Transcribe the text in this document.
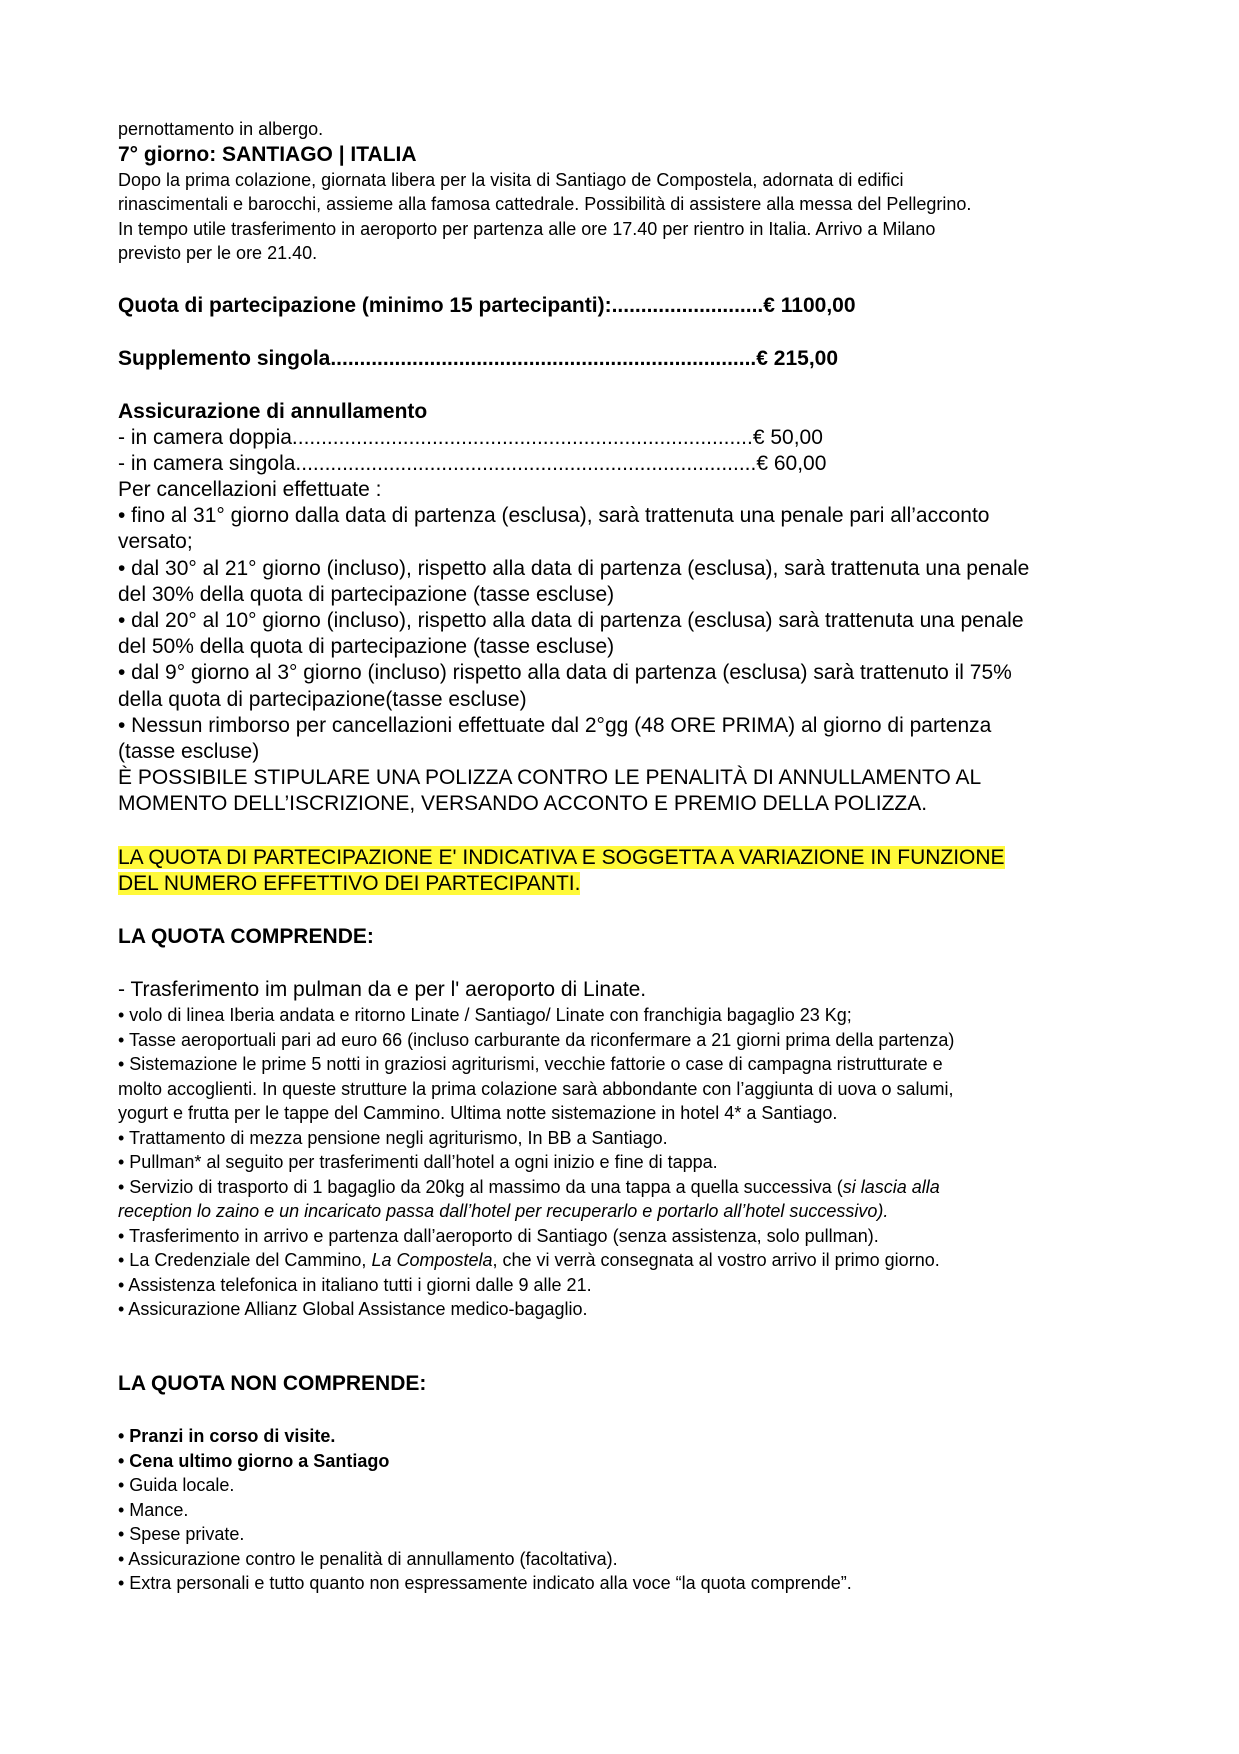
pernottamento in albergo.

7° giorno: SANTIAGO | ITALIA

Dopo la prima colazione, giornata libera per la visita di Santiago de Compostela, adornata di edifici

rinascimentali e barocchi, assieme alla famosa cattedrale. Possibilità di assistere alla messa del Pellegrino.

In tempo utile trasferimento in aeroporto per partenza alle ore 17.40 per rientro in Italia. Arrivo a Milano

previsto per le ore 21.40.

Quota di partecipazione (minimo 15 partecipanti):..........................€ 1100,00

Supplemento singola.........................................................................€ 215,00

Assicurazione di annullamento

- in camera doppia...............................................................................€ 50,00

- in camera singola...............................................................................€ 60,00

Per cancellazioni effettuate :

• fino al 31° giorno dalla data di partenza (esclusa), sarà trattenuta una penale pari all’acconto

versato;

• dal 30° al 21° giorno (incluso), rispetto alla data di partenza (esclusa), sarà trattenuta una penale

del 30% della quota di partecipazione (tasse escluse)

• dal 20° al 10° giorno (incluso), rispetto alla data di partenza (esclusa) sarà trattenuta una penale

del 50% della quota di partecipazione (tasse escluse)

• dal 9° giorno al 3° giorno (incluso) rispetto alla data di partenza (esclusa) sarà trattenuto il 75%

della quota di partecipazione(tasse escluse)

• Nessun rimborso per cancellazioni effettuate dal 2°gg (48 ORE PRIMA) al giorno di partenza

(tasse escluse)

È POSSIBILE STIPULARE UNA POLIZZA CONTRO LE PENALITÀ DI ANNULLAMENTO AL

MOMENTO DELL’ISCRIZIONE, VERSANDO ACCONTO E PREMIO DELLA POLIZZA.

LA QUOTA DI PARTECIPAZIONE E' INDICATIVA E SOGGETTA A VARIAZIONE IN FUNZIONE

DEL NUMERO EFFETTIVO DEI PARTECIPANTI.

LA QUOTA COMPRENDE:

- Trasferimento im pulman da e per l' aeroporto di Linate.

• volo di linea Iberia andata e ritorno Linate / Santiago/ Linate con franchigia bagaglio 23 Kg;

• Tasse aeroportuali pari ad euro 66 (incluso carburante da riconfermare a 21 giorni prima della partenza)

• Sistemazione le prime 5 notti in graziosi agriturismi, vecchie fattorie o case di campagna ristrutturate e

molto accoglienti. In queste strutture la prima colazione sarà abbondante con l’aggiunta di uova o salumi,

yogurt e frutta per le tappe del Cammino. Ultima notte sistemazione in hotel 4* a Santiago.

• Trattamento di mezza pensione negli agriturismo, In BB a Santiago.

• Pullman* al seguito per trasferimenti dall’hotel a ogni inizio e fine di tappa.

• Servizio di trasporto di 1 bagaglio da 20kg al massimo da una tappa a quella successiva (si lascia alla

reception lo zaino e un incaricato passa dall’hotel per recuperarlo e portarlo all’hotel successivo).

• Trasferimento in arrivo e partenza dall’aeroporto di Santiago (senza assistenza, solo pullman).

• La Credenziale del Cammino, La Compostela, che vi verrà consegnata al vostro arrivo il primo giorno.

• Assistenza telefonica in italiano tutti i giorni dalle 9 alle 21.

• Assicurazione Allianz Global Assistance medico-bagaglio.

LA QUOTA NON COMPRENDE:

• Pranzi in corso di visite.

• Cena ultimo giorno a Santiago

• Guida locale.

• Mance.

• Spese private.

• Assicurazione contro le penalità di annullamento (facoltativa).

• Extra personali e tutto quanto non espressamente indicato alla voce “la quota comprende”.
